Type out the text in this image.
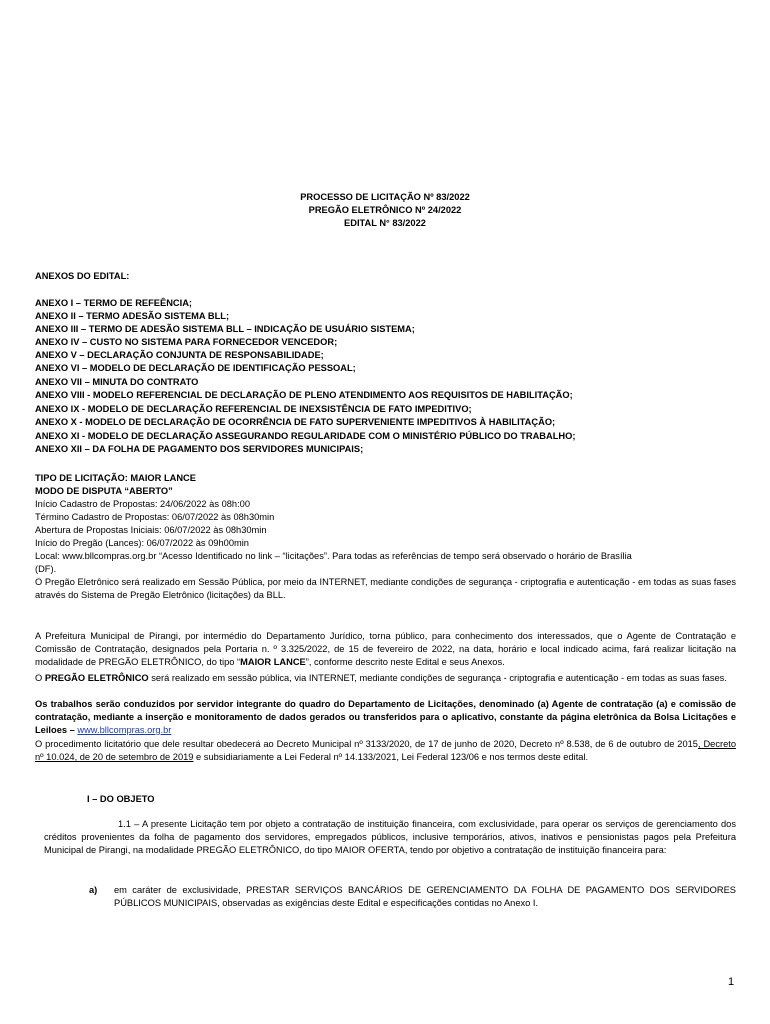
PROCESSO DE LICITAÇÃO Nº 83/2022
PREGÃO ELETRÔNICO Nº 24/2022
EDITAL N° 83/2022
ANEXOS DO EDITAL:
ANEXO I – TERMO DE REFEÊNCIA;
ANEXO II – TERMO ADESÃO SISTEMA BLL;
ANEXO III – TERMO DE ADESÃO SISTEMA BLL – INDICAÇÃO DE USUÁRIO SISTEMA;
ANEXO IV – CUSTO NO SISTEMA PARA FORNECEDOR VENCEDOR;
ANEXO V – DECLARAÇÃO CONJUNTA DE RESPONSABILIDADE;
ANEXO VI – MODELO DE DECLARAÇÃO DE IDENTIFICAÇÃO PESSOAL;
ANEXO VII – MINUTA DO CONTRATO
ANEXO VIII - MODELO REFERENCIAL DE DECLARAÇÃO DE PLENO ATENDIMENTO AOS REQUISITOS DE HABILITAÇÃO;
ANEXO IX - MODELO DE DECLARAÇÃO REFERENCIAL DE INEXSISTÊNCIA DE FATO IMPEDITIVO;
ANEXO X - MODELO DE DECLARAÇÃO DE OCORRÊNCIA DE FATO SUPERVENIENTE IMPEDITIVOS À HABILITAÇÃO;
ANEXO XI - MODELO DE DECLARAÇÃO ASSEGURANDO REGULARIDADE COM O MINISTÉRIO PÚBLICO DO TRABALHO;
ANEXO XII – DA FOLHA DE PAGAMENTO DOS SERVIDORES MUNICIPAIS;
TIPO DE LICITAÇÃO: MAIOR LANCE
MODO DE DISPUTA “ABERTO”
Início Cadastro de Propostas: 24/06/2022 às 08h:00
Término Cadastro de Propostas: 06/07/2022 às 08h30min
Abertura de Propostas Iniciais: 06/07/2022 às 08h30min
Início do Pregão (Lances): 06/07/2022 às 09h00min
Local: www.bllcompras.org.br “Acesso Identificado no link – “licitações”. Para todas as referências de tempo será observado o horário de Brasília
(DF).
O Pregão Eletrônico será realizado em Sessão Pública, por meio da INTERNET, mediante condições de segurança - criptografia e autenticação - em todas as suas fases através do Sistema de Pregão Eletrônico (licitações) da BLL.
A Prefeitura Municipal de Pirangi, por intermédio do Departamento Jurídico, torna público, para conhecimento dos interessados, que o Agente de Contratação e Comissão de Contratação, designados pela Portaria n. º 3.325/2022, de 15 de fevereiro de 2022, na data, horário e local indicado acima, fará realizar licitação na modalidade de PREGÃO ELETRÔNICO, do tipo “MAIOR LANCE”, conforme descrito neste Edital e seus Anexos.
O PREGÃO ELETRÔNICO será realizado em sessão pública, via INTERNET, mediante condições de segurança - criptografia e autenticação - em todas as suas fases.
Os trabalhos serão conduzidos por servidor integrante do quadro do Departamento de Licitações, denominado (a) Agente de contratação (a) e comissão de contratação, mediante a inserção e monitoramento de dados gerados ou transferidos para o aplicativo, constante da página eletrônica da Bolsa Licitações e Leiloes – www.bllcompras.org.br
O procedimento licitatório que dele resultar obedecerá ao Decreto Municipal nº 3133/2020, de 17 de junho de 2020, Decreto nº 8.538, de 6 de outubro de 2015, Decreto nº 10.024, de 20 de setembro de 2019 e subsidiariamente a Lei Federal nº 14.133/2021, Lei Federal 123/06 e nos termos deste edital.
I – DO OBJETO
1.1 – A presente Licitação tem por objeto a contratação de instituição financeira, com exclusividade, para operar os serviços de gerenciamento dos créditos provenientes da folha de pagamento dos servidores, empregados públicos, inclusive temporários, ativos, inativos e pensionistas pagos pela Prefeitura Municipal de Pirangi, na modalidade PREGÃO ELETRÔNICO, do tipo MAIOR OFERTA, tendo por objetivo a contratação de instituição financeira para:
a) em caráter de exclusividade, PRESTAR SERVIÇOS BANCÁRIOS DE GERENCIAMENTO DA FOLHA DE PAGAMENTO DOS SERVIDORES PÚBLICOS MUNICIPAIS, observadas as exigências deste Edital e especificações contidas no Anexo I.
1
